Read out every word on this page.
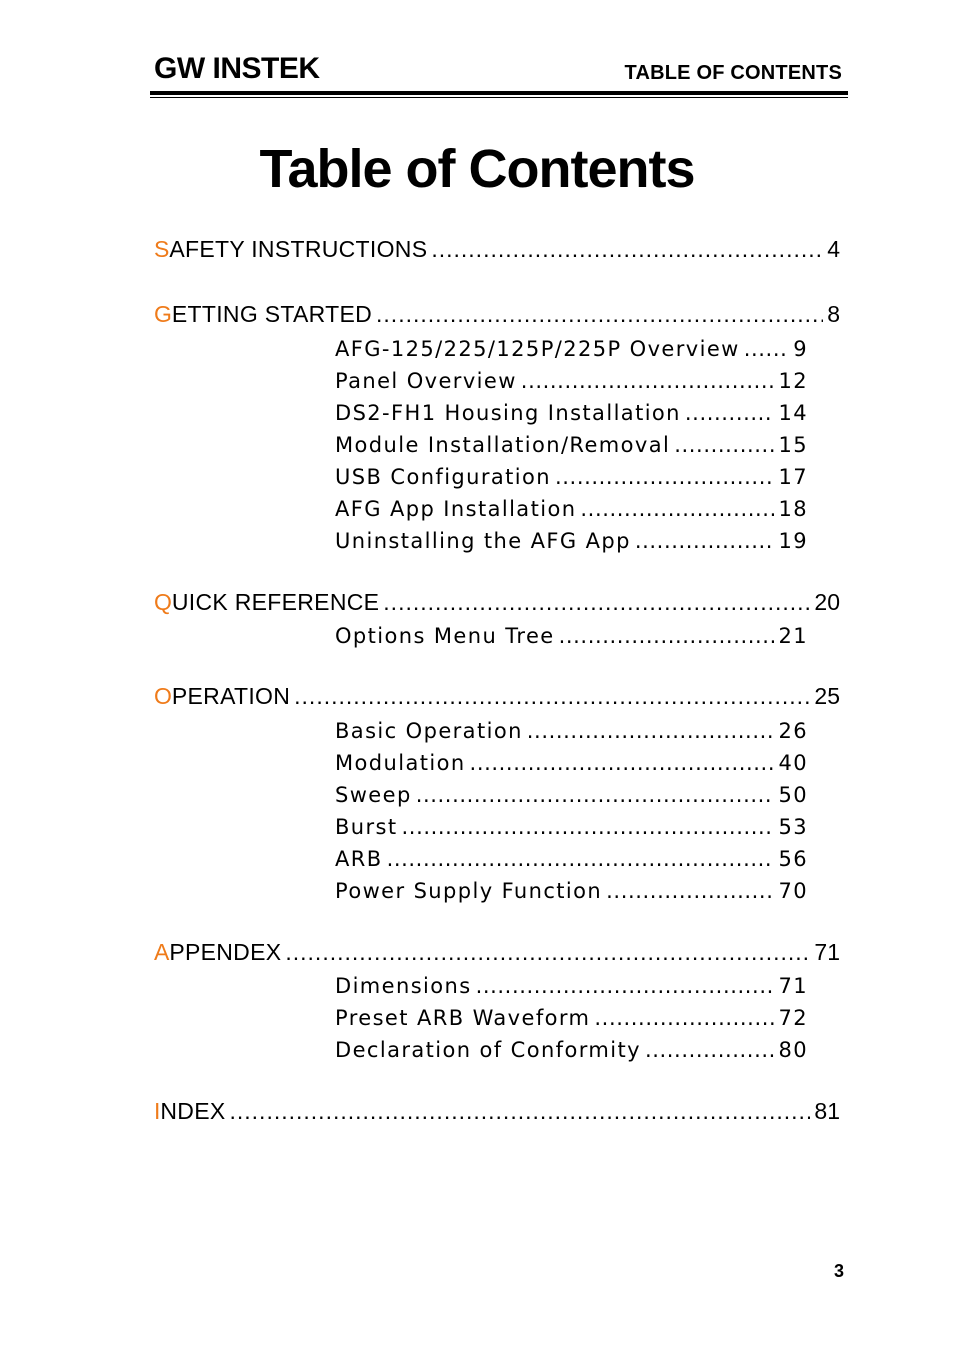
GW INSTEK	TABLE OF CONTENTS
Table of Contents
S AFETY INSTRUCTIONS .....	4
G ETTING STARTED .....	8
AFG-125/225/125P/225P Overview .....	9
Panel Overview .....	12
DS2-FH1 Housing Installation .....	14
Module Installation/Removal .....	15
USB Configuration .....	17
AFG App Installation .....	18
Uninstalling the AFG App .....	19
Q UICK REFERENCE .....	20
Options Menu Tree .....	21
O PERATION .....	25
Basic Operation .....	26
Modulation .....	40
Sweep .....	50
Burst .....	53
ARB .....	56
Power Supply Function .....	70
A PPENDEX .....	71
Dimensions .....	71
Preset ARB Waveform .....	72
Declaration of Conformity .....	80
I NDEX .....	81
3
